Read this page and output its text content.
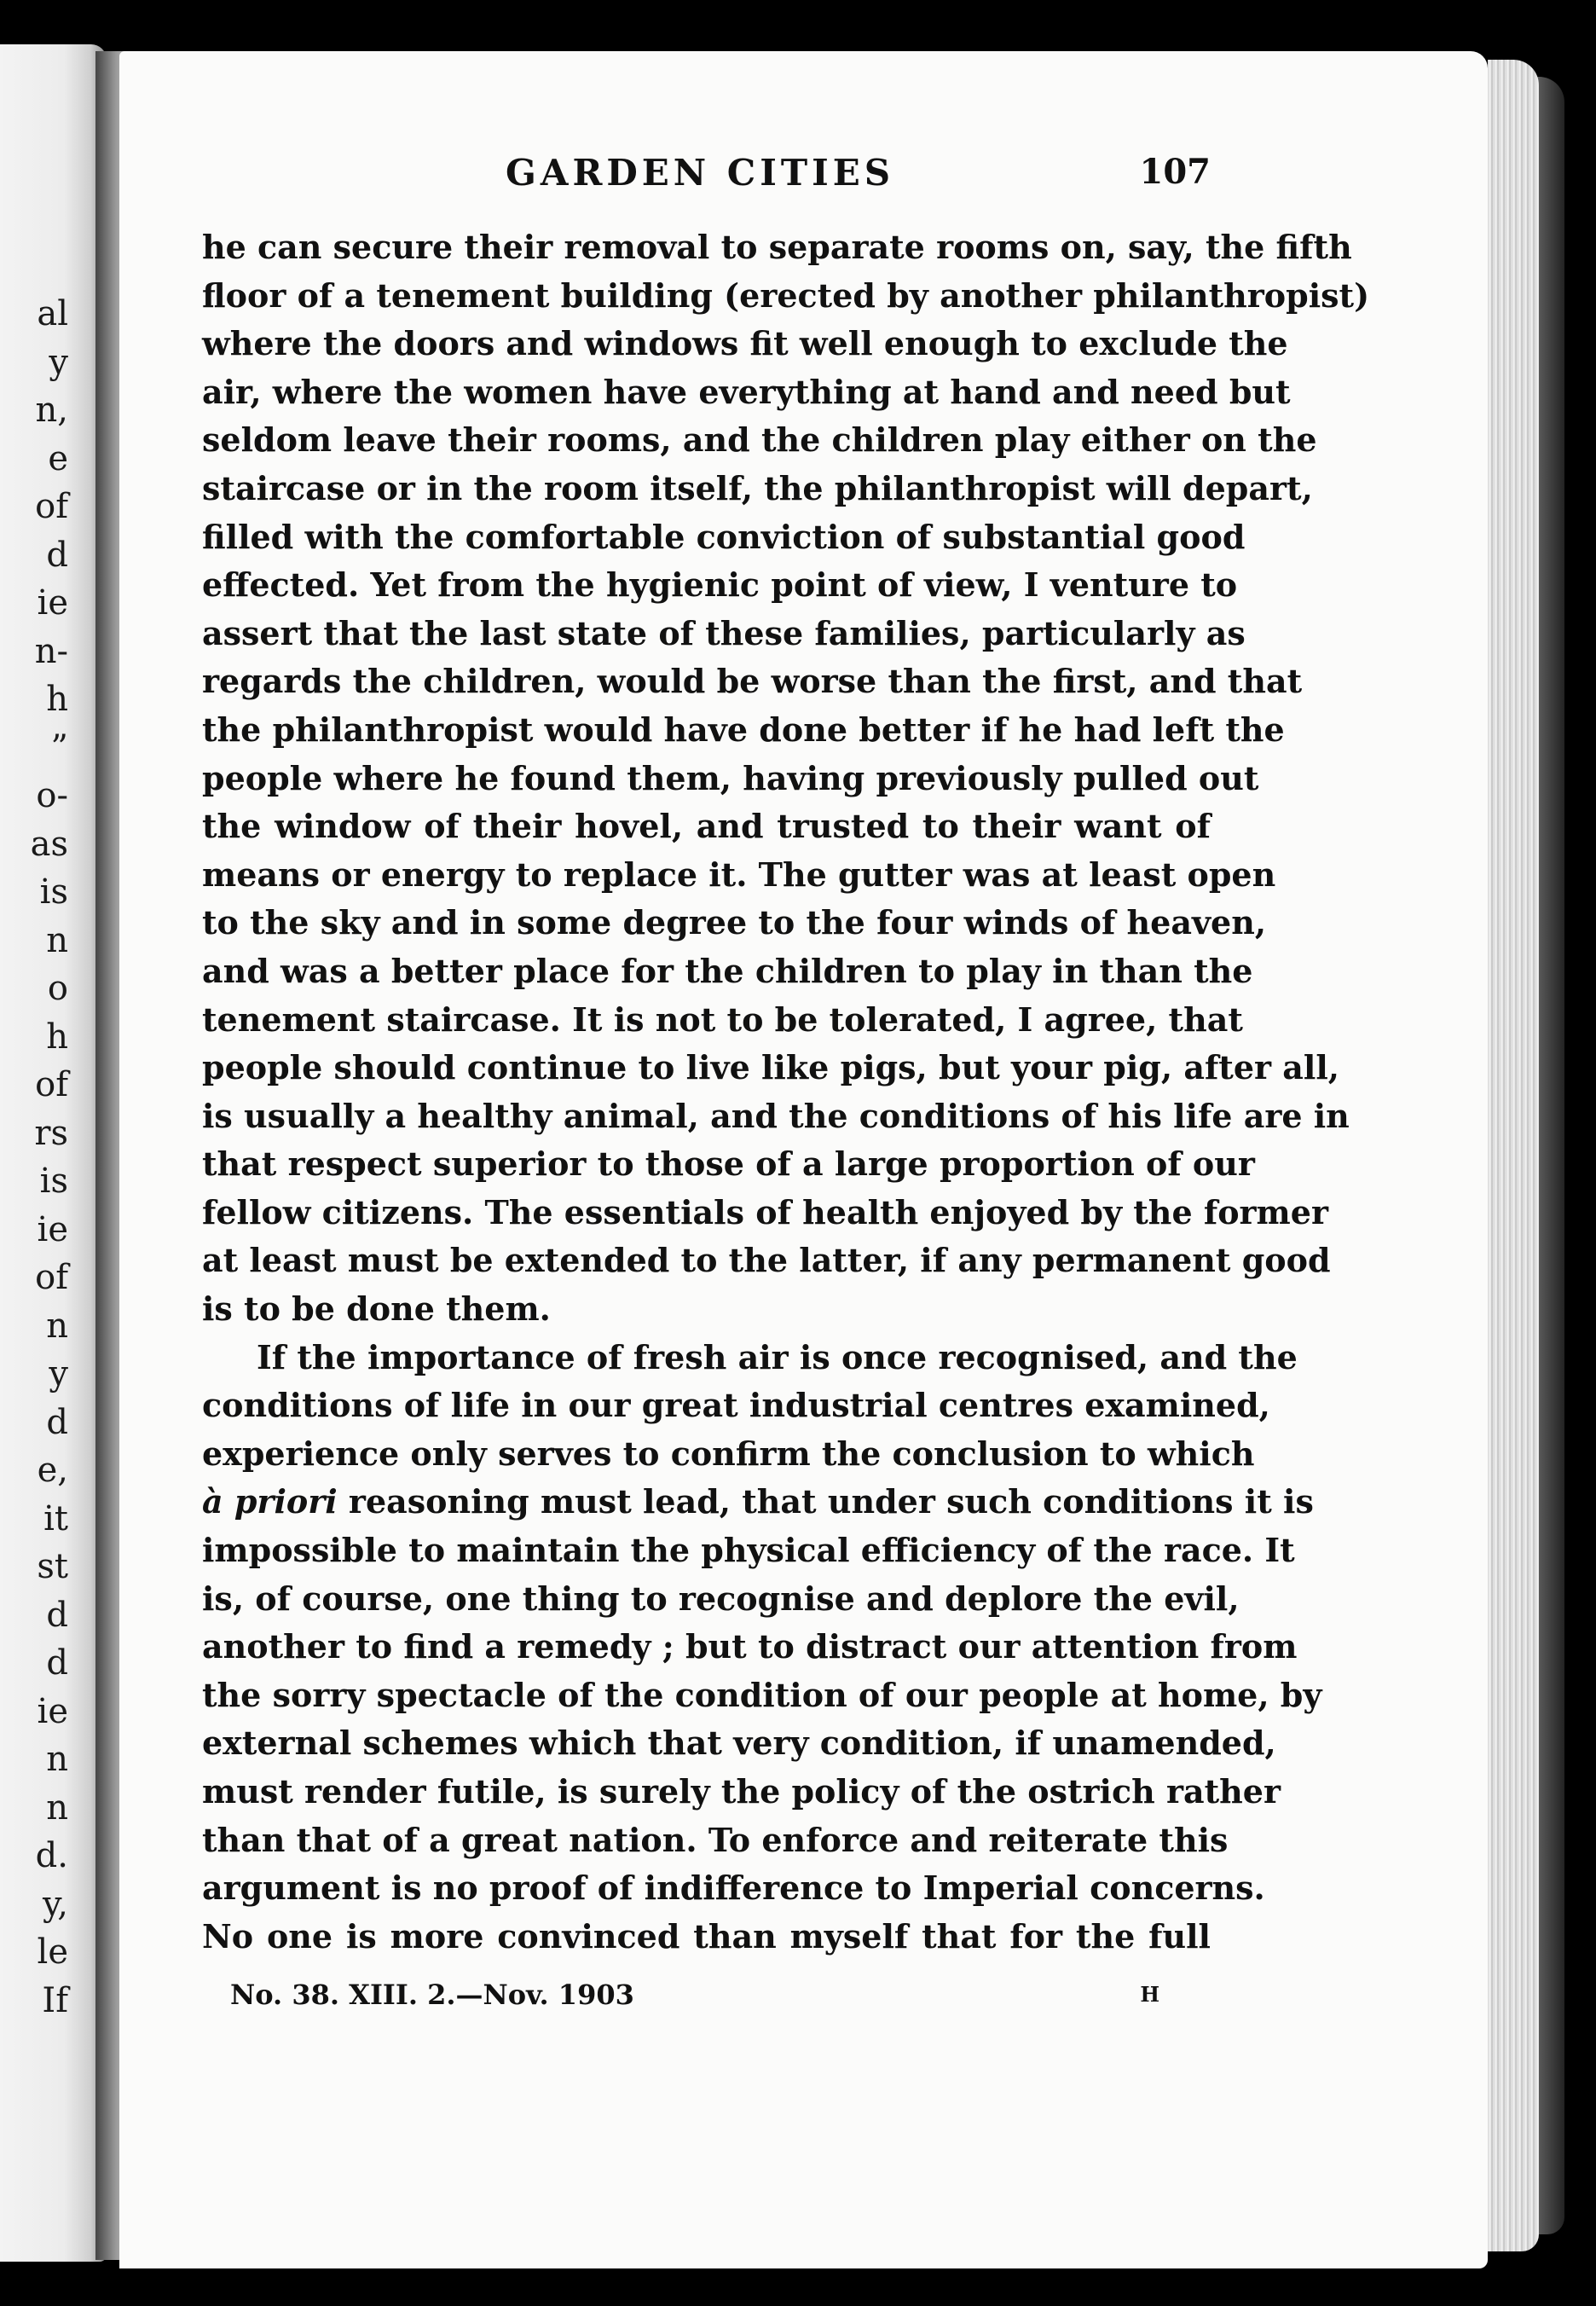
al
y
n,
e
of
d
ie
n-
h
”
o-
as
is
n
o
h
of
rs
is
ie
of
n
y
d
e,
it
st
d
d
ie
n
n
d.
y,
le
If
GARDEN CITIES	107
he can secure their removal to separate rooms on, say, the fifth
floor of a tenement building (erected by another philanthropist)
where the doors and windows fit well enough to exclude the
air, where the women have everything at hand and need but
seldom leave their rooms, and the children play either on the
staircase or in the room itself, the philanthropist will depart,
filled with the comfortable conviction of substantial good
effected. Yet from the hygienic point of view, I venture to
assert that the last state of these families, particularly as
regards the children, would be worse than the first, and that
the philanthropist would have done better if he had left the
people where he found them, having previously pulled out
the window of their hovel, and trusted to their want of
means or energy to replace it. The gutter was at least open
to the sky and in some degree to the four winds of heaven,
and was a better place for the children to play in than the
tenement staircase. It is not to be tolerated, I agree, that
people should continue to live like pigs, but your pig, after all,
is usually a healthy animal, and the conditions of his life are in
that respect superior to those of a large proportion of our
fellow citizens. The essentials of health enjoyed by the former
at least must be extended to the latter, if any permanent good
is to be done them.
If the importance of fresh air is once recognised, and the
conditions of life in our great industrial centres examined,
experience only serves to confirm the conclusion to which
à priori reasoning must lead, that under such conditions it is
impossible to maintain the physical efficiency of the race. It
is, of course, one thing to recognise and deplore the evil,
another to find a remedy ; but to distract our attention from
the sorry spectacle of the condition of our people at home, by
external schemes which that very condition, if unamended,
must render futile, is surely the policy of the ostrich rather
than that of a great nation. To enforce and reiterate this
argument is no proof of indifference to Imperial concerns.
No one is more convinced than myself that for the full
No. 38. XIII. 2.—Nov. 1903	H
